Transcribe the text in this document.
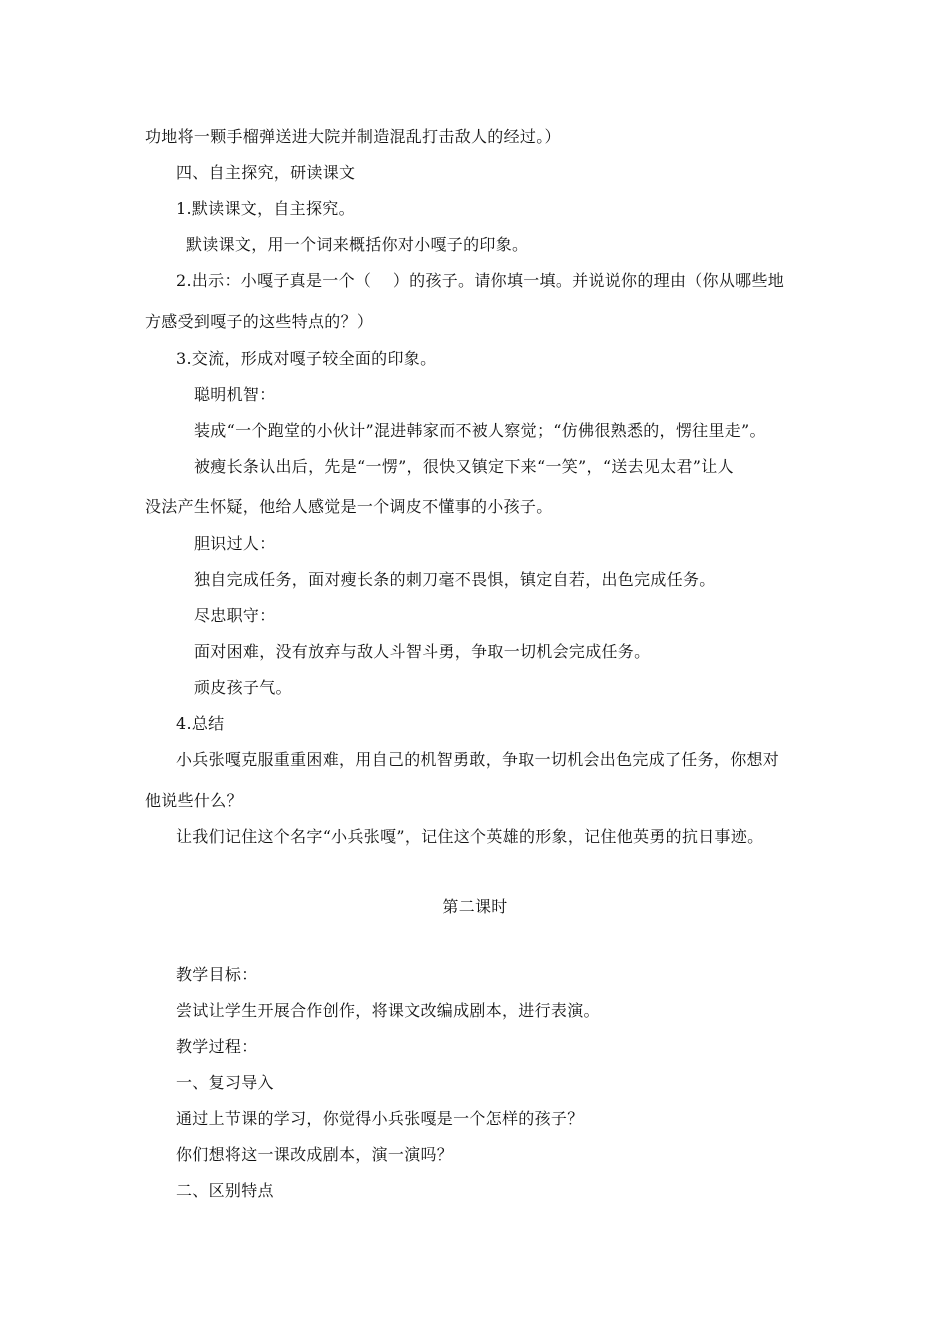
功地将一颗手榴弹送进大院并制造混乱打击敌人的经过。）
四、自主探究，研读课文
1.默读课文，自主探究。
默读课文，用一个词来概括你对小嘎子的印象。
2.出示：小嘎子真是一个（　 ）的孩子。请你填一填。并说说你的理由（你从哪些地
方感受到嘎子的这些特点的？）
3.交流，形成对嘎子较全面的印象。
聪明机智：
装成“一个跑堂的小伙计”混进韩家而不被人察觉；“仿佛很熟悉的，愣往里走”。
被瘦长条认出后，先是“一愣”，很快又镇定下来“一笑”，“送去见太君”让人
没法产生怀疑，他给人感觉是一个调皮不懂事的小孩子。
胆识过人：
独自完成任务，面对瘦长条的刺刀毫不畏惧，镇定自若，出色完成任务。
尽忠职守：
面对困难，没有放弃与敌人斗智斗勇，争取一切机会完成任务。
顽皮孩子气。
4.总结
小兵张嘎克服重重困难，用自己的机智勇敢，争取一切机会出色完成了任务，你想对
他说些什么？
让我们记住这个名字“小兵张嘎”，记住这个英雄的形象，记住他英勇的抗日事迹。
第二课时
教学目标：
尝试让学生开展合作创作，将课文改编成剧本，进行表演。
教学过程：
一、复习导入
通过上节课的学习，你觉得小兵张嘎是一个怎样的孩子？
你们想将这一课改成剧本，演一演吗？
二、区别特点
